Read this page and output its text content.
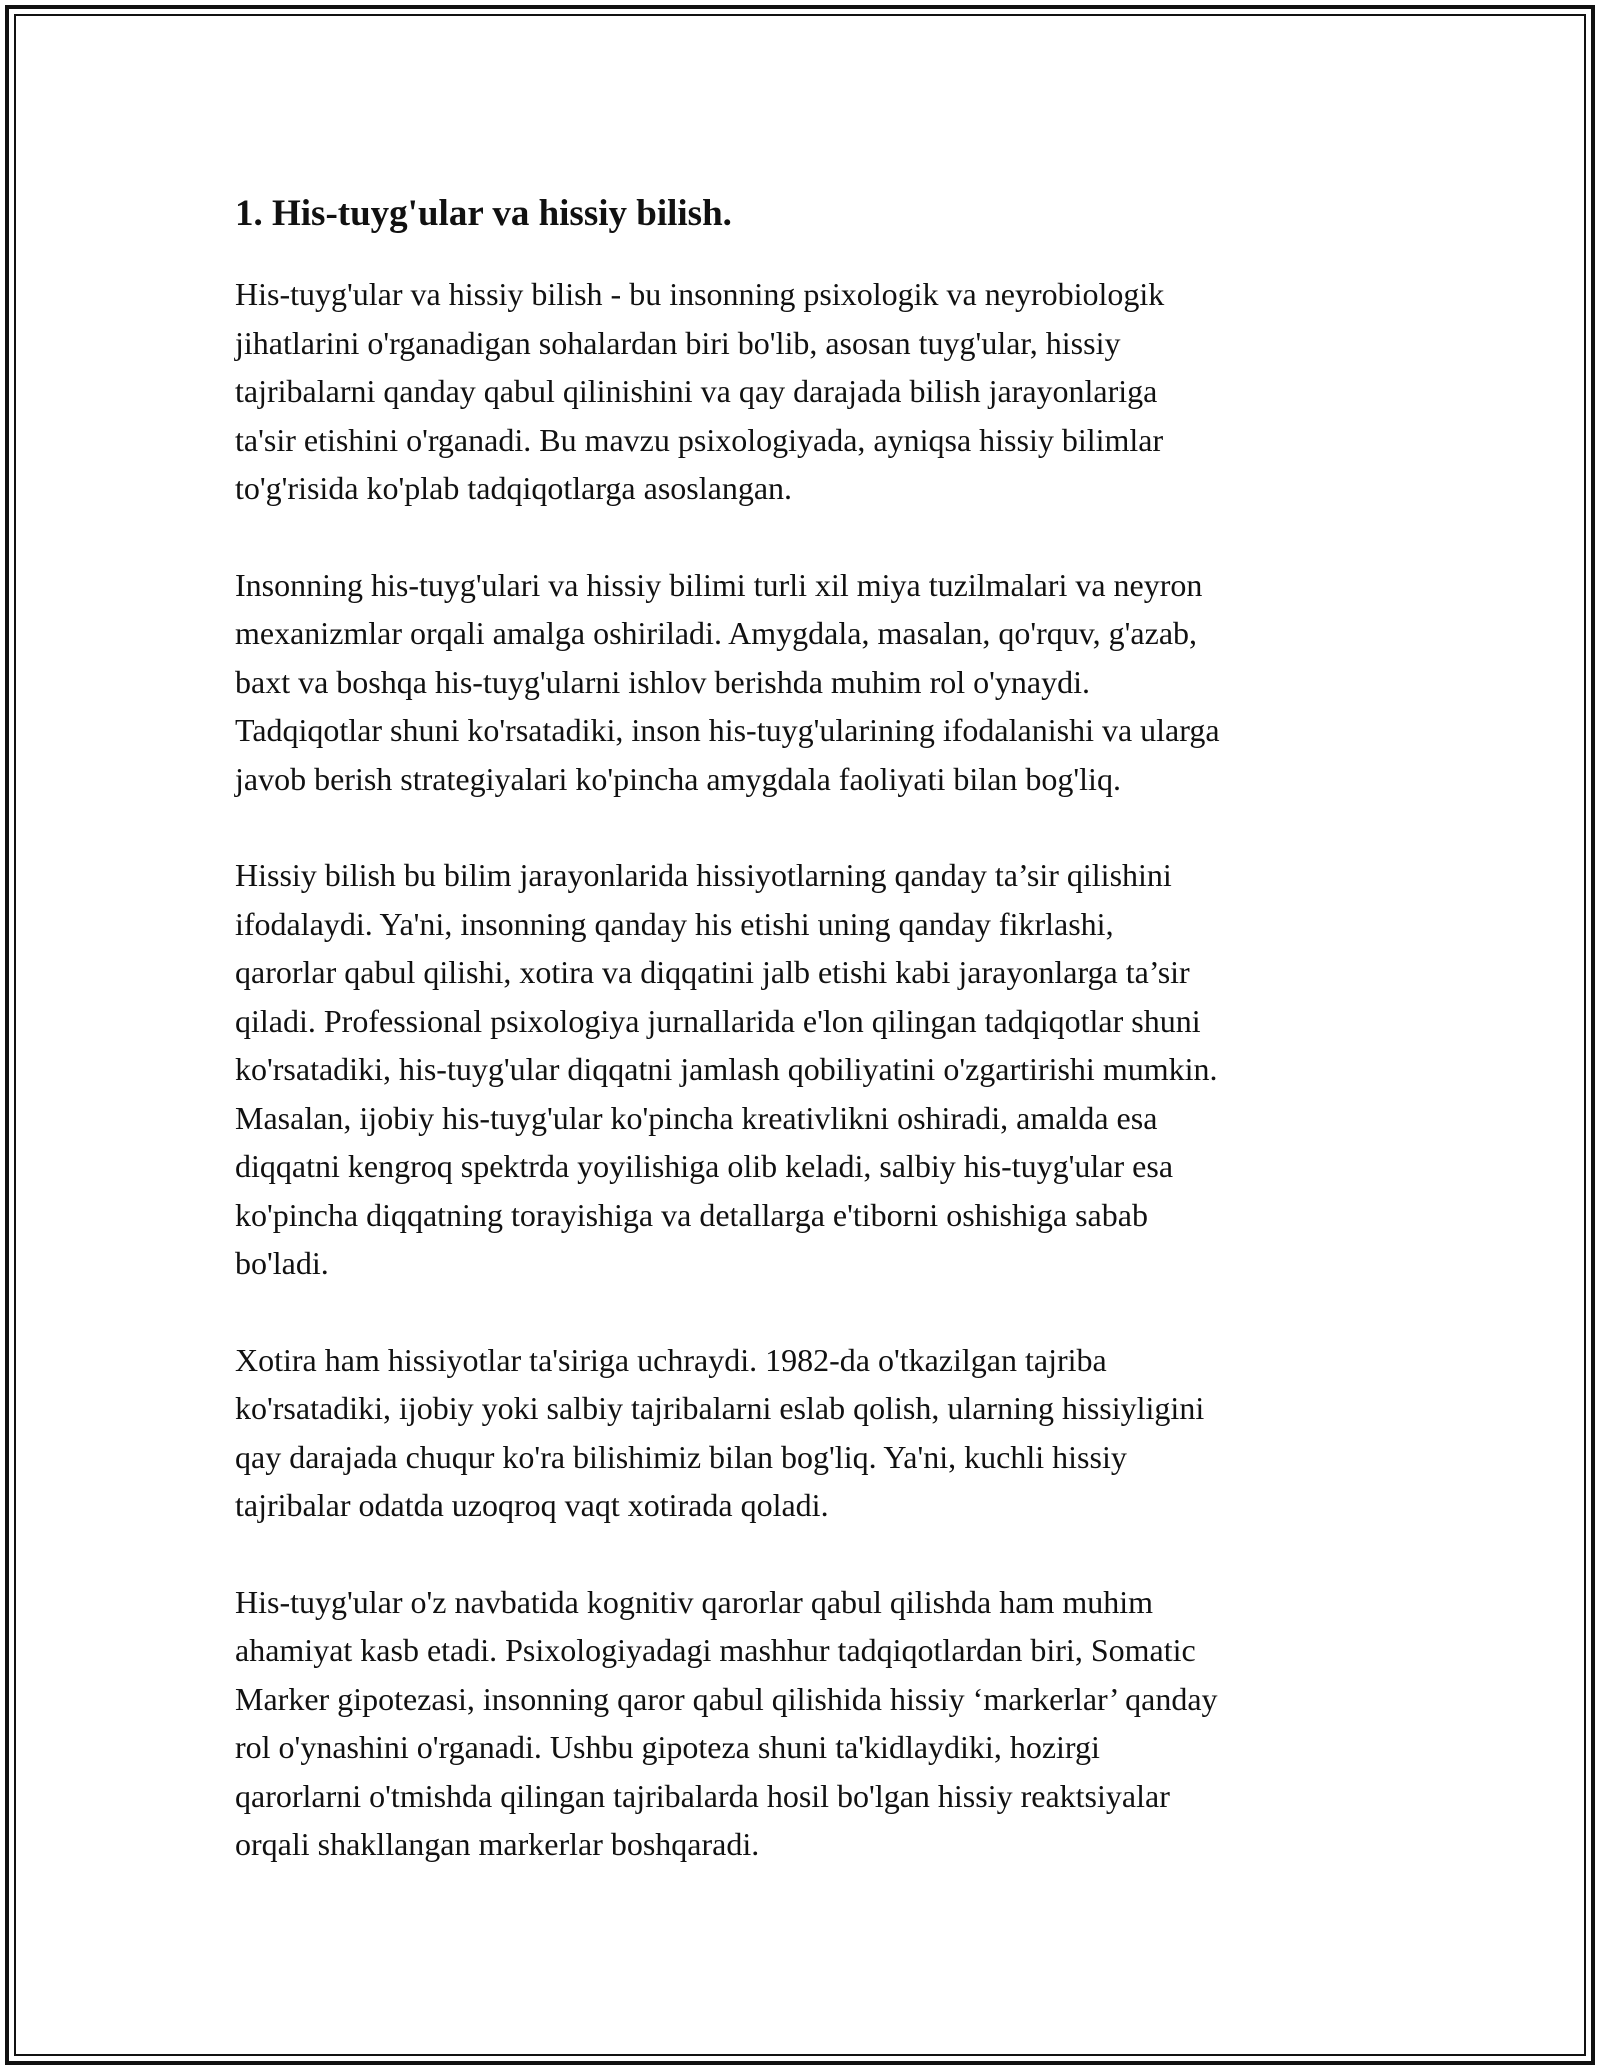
1. His-tuyg'ular va hissiy bilish.

His-tuyg'ular va hissiy bilish - bu insonning psixologik va neyrobiologik
jihatlarini o'rganadigan sohalardan biri bo'lib, asosan tuyg'ular, hissiy
tajribalarni qanday qabul qilinishini va qay darajada bilish jarayonlariga
ta'sir etishini o'rganadi. Bu mavzu psixologiyada, ayniqsa hissiy bilimlar
to'g'risida ko'plab tadqiqotlarga asoslangan.

Insonning his-tuyg'ulari va hissiy bilimi turli xil miya tuzilmalari va neyron
mexanizmlar orqali amalga oshiriladi. Amygdala, masalan, qo'rquv, g'azab,
baxt va boshqa his-tuyg'ularni ishlov berishda muhim rol o'ynaydi.
Tadqiqotlar shuni ko'rsatadiki, inson his-tuyg'ularining ifodalanishi va ularga
javob berish strategiyalari ko'pincha amygdala faoliyati bilan bog'liq.

Hissiy bilish bu bilim jarayonlarida hissiyotlarning qanday ta’sir qilishini
ifodalaydi. Ya'ni, insonning qanday his etishi uning qanday fikrlashi,
qarorlar qabul qilishi, xotira va diqqatini jalb etishi kabi jarayonlarga ta’sir
qiladi. Professional psixologiya jurnallarida e'lon qilingan tadqiqotlar shuni
ko'rsatadiki, his-tuyg'ular diqqatni jamlash qobiliyatini o'zgartirishi mumkin.
Masalan, ijobiy his-tuyg'ular ko'pincha kreativlikni oshiradi, amalda esa
diqqatni kengroq spektrda yoyilishiga olib keladi, salbiy his-tuyg'ular esa
ko'pincha diqqatning torayishiga va detallarga e'tiborni oshishiga sabab
bo'ladi.

Xotira ham hissiyotlar ta'siriga uchraydi. 1982-da o'tkazilgan tajriba
ko'rsatadiki, ijobiy yoki salbiy tajribalarni eslab qolish, ularning hissiyligini
qay darajada chuqur ko'ra bilishimiz bilan bog'liq. Ya'ni, kuchli hissiy
tajribalar odatda uzoqroq vaqt xotirada qoladi.

His-tuyg'ular o'z navbatida kognitiv qarorlar qabul qilishda ham muhim
ahamiyat kasb etadi. Psixologiyadagi mashhur tadqiqotlardan biri, Somatic
Marker gipotezasi, insonning qaror qabul qilishida hissiy ‘markerlar’ qanday
rol o'ynashini o'rganadi. Ushbu gipoteza shuni ta'kidlaydiki, hozirgi
qarorlarni o'tmishda qilingan tajribalarda hosil bo'lgan hissiy reaktsiyalar
orqali shakllangan markerlar boshqaradi.
